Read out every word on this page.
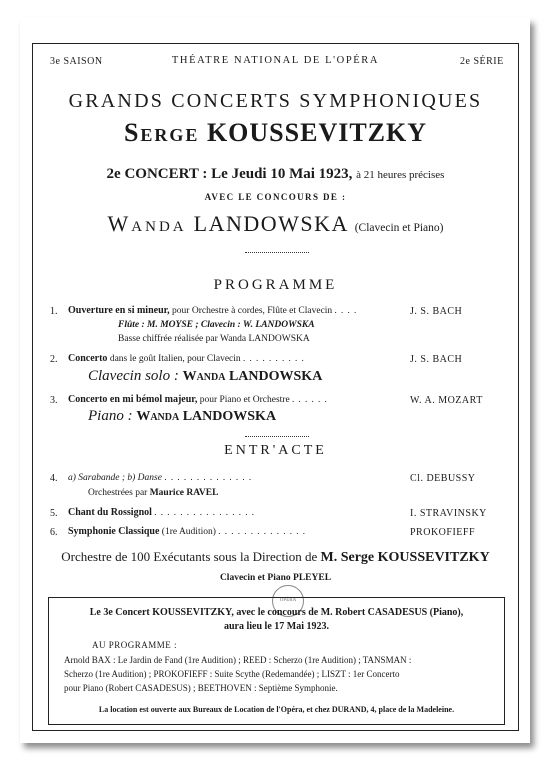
3e SAISON	THÉATRE NATIONAL DE L'OPÉRA	2e SÉRIE
GRANDS CONCERTS SYMPHONIQUES
Serge KOUSSEVITZKY
2e CONCERT : Le Jeudi 10 Mai 1923, à 21 heures précises
AVEC LE CONCOURS DE :
Wanda LANDOWSKA (Clavecin et Piano)
PROGRAMME
1. Ouverture en si mineur, pour Orchestre à cordes, Flûte et Clavecin . . . .	J. S. BACH
Flûte : M. MOYSE ; Clavecin : W. LANDOWSKA
Basse chiffrée réalisée par Wanda LANDOWSKA
2. Concerto dans le goût Italien, pour Clavecin . . . . . . . . . .	J. S. BACH
Clavecin solo : Wanda LANDOWSKA
3. Concerto en mi bémol majeur, pour Piano et Orchestre . . . . . .	W. A. MOZART
Piano : Wanda LANDOWSKA
ENTR'ACTE
4. a) Sarabande ; b) Danse . . . . . . . . . . . . . .	Cl. DEBUSSY
Orchestrées par Maurice RAVEL
5. Chant du Rossignol . . . . . . . . . . . . . . . .	I. STRAVINSKY
6. Symphonie Classique (1re Audition) . . . . . . . . . . . . . .	PROKOFIEFF
Orchestre de 100 Exécutants sous la Direction de M. Serge KOUSSEVITZKY
Clavecin et Piano PLEYEL
OPÉRA
Le 3e Concert KOUSSEVITZKY, avec le concours de M. Robert CASADESUS (Piano),
aura lieu le 17 Mai 1923.
AU PROGRAMME :
Arnold BAX : Le Jardin de Fand (1re Audition) ; REED : Scherzo (1re Audition) ; TANSMAN :
Scherzo (1re Audition) ; PROKOFIEFF : Suite Scythe (Redemandée) ; LISZT : 1er Concerto
pour Piano (Robert CASADESUS) ; BEETHOVEN : Septième Symphonie.
La location est ouverte aux Bureaux de Location de l'Opéra, et chez DURAND, 4, place de la Madeleine.
